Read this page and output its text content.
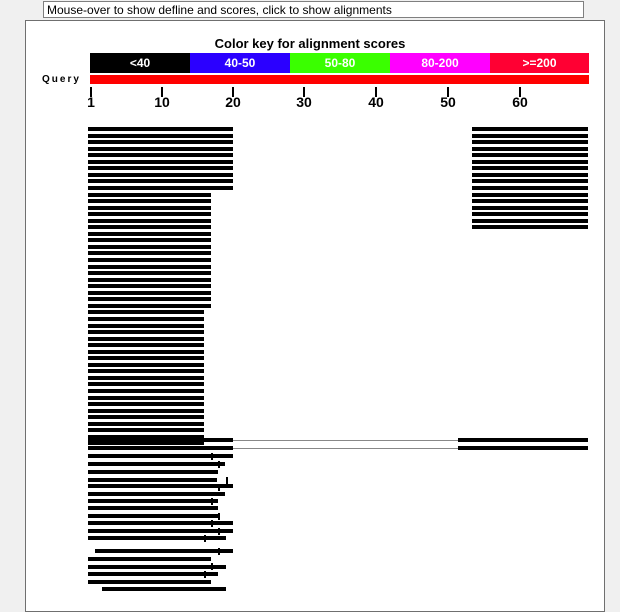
Mouse-over to show defline and scores, click to show alignments
Color key for alignment scores
<40	40-50	50-80	80-200	>=200
Query
1	10	20	30	40	50	60
